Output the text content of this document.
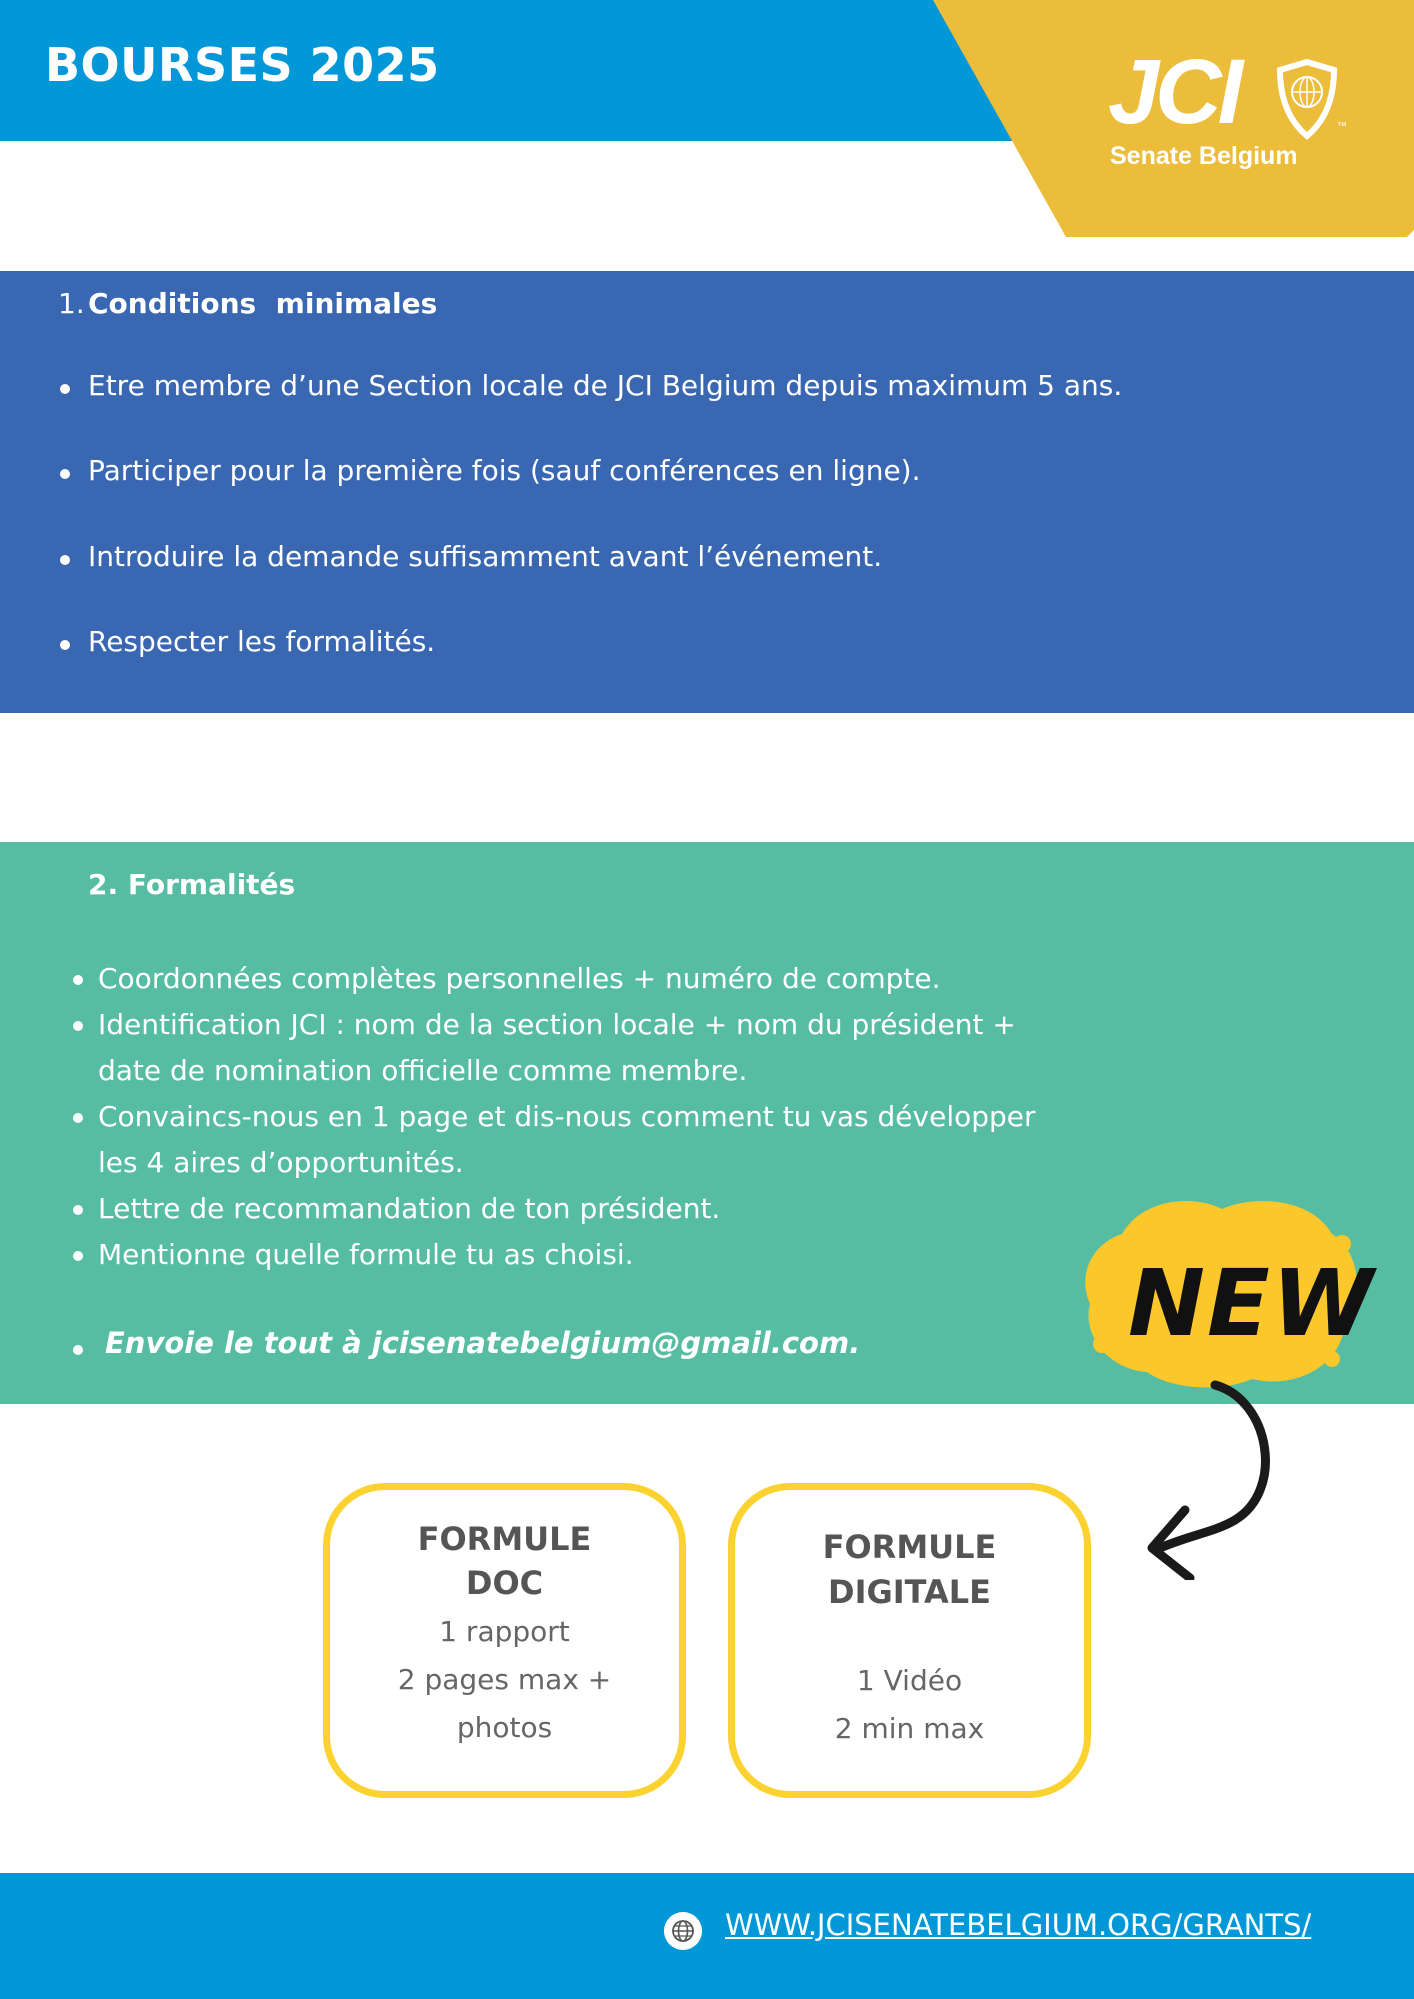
BOURSES 2025	JCI	™
Senate Belgium
1. Conditions  minimales
Etre membre d’une Section locale de JCI Belgium depuis maximum 5 ans.
Participer pour la première fois (sauf conférences en ligne).
Introduire la demande suffisamment avant l’événement.
Respecter les formalités.
2. Formalités
Coordonnées complètes personnelles + numéro de compte.
Identification JCI : nom de la section locale + nom du président +
date de nomination officielle comme membre.
Convaincs-nous en 1 page et dis-nous comment tu vas développer
les 4 aires d’opportunités.
Lettre de recommandation de ton président.
Mentionne quelle formule tu as choisi.
Envoie le tout à jcisenatebelgium@gmail.com.	NEW
FORMULE
DOC
1 rapport
2 pages max +
photos
FORMULE
DIGITALE
1 Vidéo
2 min max
WWW.JCISENATEBELGIUM.ORG/GRANTS/
